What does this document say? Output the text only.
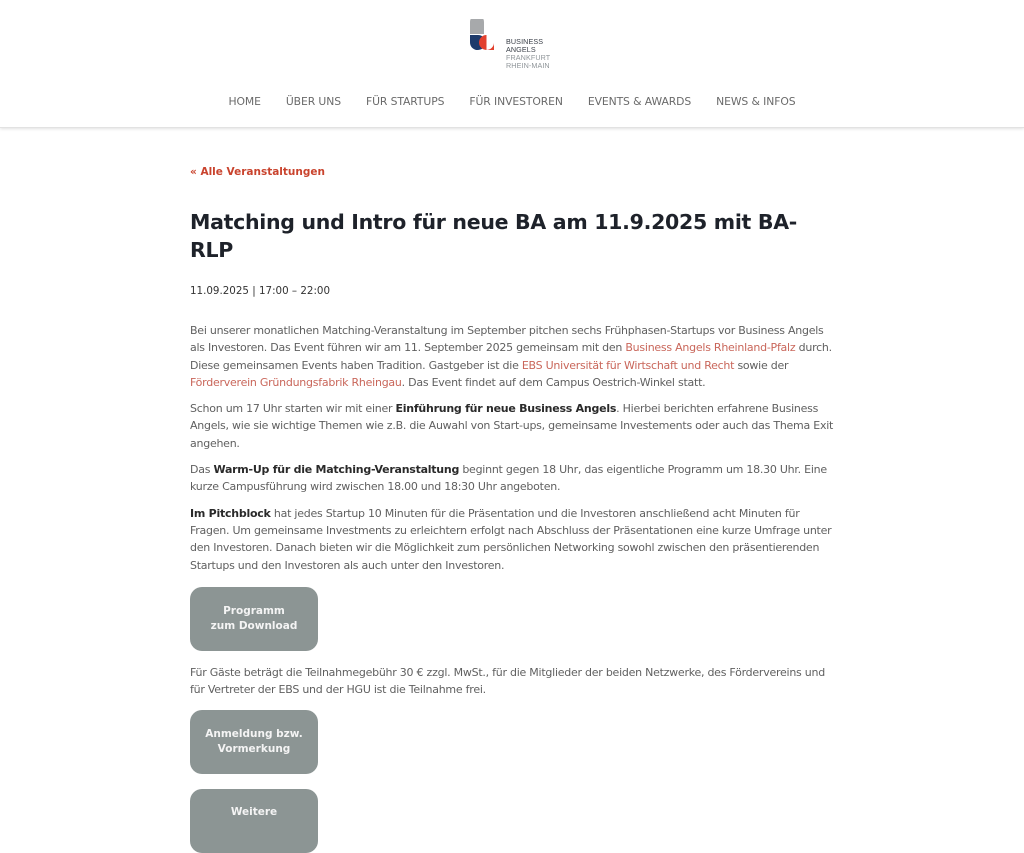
BUSINESS
ANGELS
FRANKFURT
RHEIN-MAIN
HOME ÜBER UNS FÜR STARTUPS FÜR INVESTOREN EVENTS & AWARDS NEWS & INFOS
« Alle Veranstaltungen
Matching und Intro für neue BA am 11.9.2025 mit BA-RLP
11.09.2025 | 17:00 – 22:00

Bei unserer monatlichen Matching-Veranstaltung im September pitchen sechs Frühphasen-Startups vor Business Angels als Investoren. Das Event führen wir am 11. September 2025 gemeinsam mit den Business Angels Rheinland-Pfalz durch. Diese gemeinsamen Events haben Tradition. Gastgeber ist die EBS Universität für Wirtschaft und Recht sowie der Förderverein Gründungsfabrik Rheingau. Das Event findet auf dem Campus Oestrich-Winkel statt.

Schon um 17 Uhr starten wir mit einer Einführung für neue Business Angels. Hierbei berichten erfahrene Business Angels, wie sie wichtige Themen wie z.B. die Auwahl von Start-ups, gemeinsame Investements oder auch das Thema Exit angehen.

Das Warm-Up für die Matching-Veranstaltung beginnt gegen 18 Uhr, das eigentliche Programm um 18.30 Uhr. Eine kurze Campusführung wird zwischen 18.00 und 18:30 Uhr angeboten.

Im Pitchblock hat jedes Startup 10 Minuten für die Präsentation und die Investoren anschließend acht Minuten für Fragen. Um gemeinsame Investments zu erleichtern erfolgt nach Abschluss der Präsentationen eine kurze Umfrage unter den Investoren. Danach bieten wir die Möglichkeit zum persönlichen Networking sowohl zwischen den präsentierenden Startups und den Investoren als auch unter den Investoren.

Programm
zum Download

Für Gäste beträgt die Teilnahmegebühr 30 € zzgl. MwSt., für die Mitglieder der beiden Netzwerke, des Fördervereins und für Vertreter der EBS und der HGU ist die Teilnahme frei.

Anmeldung bzw.
Vormerkung
Weitere
